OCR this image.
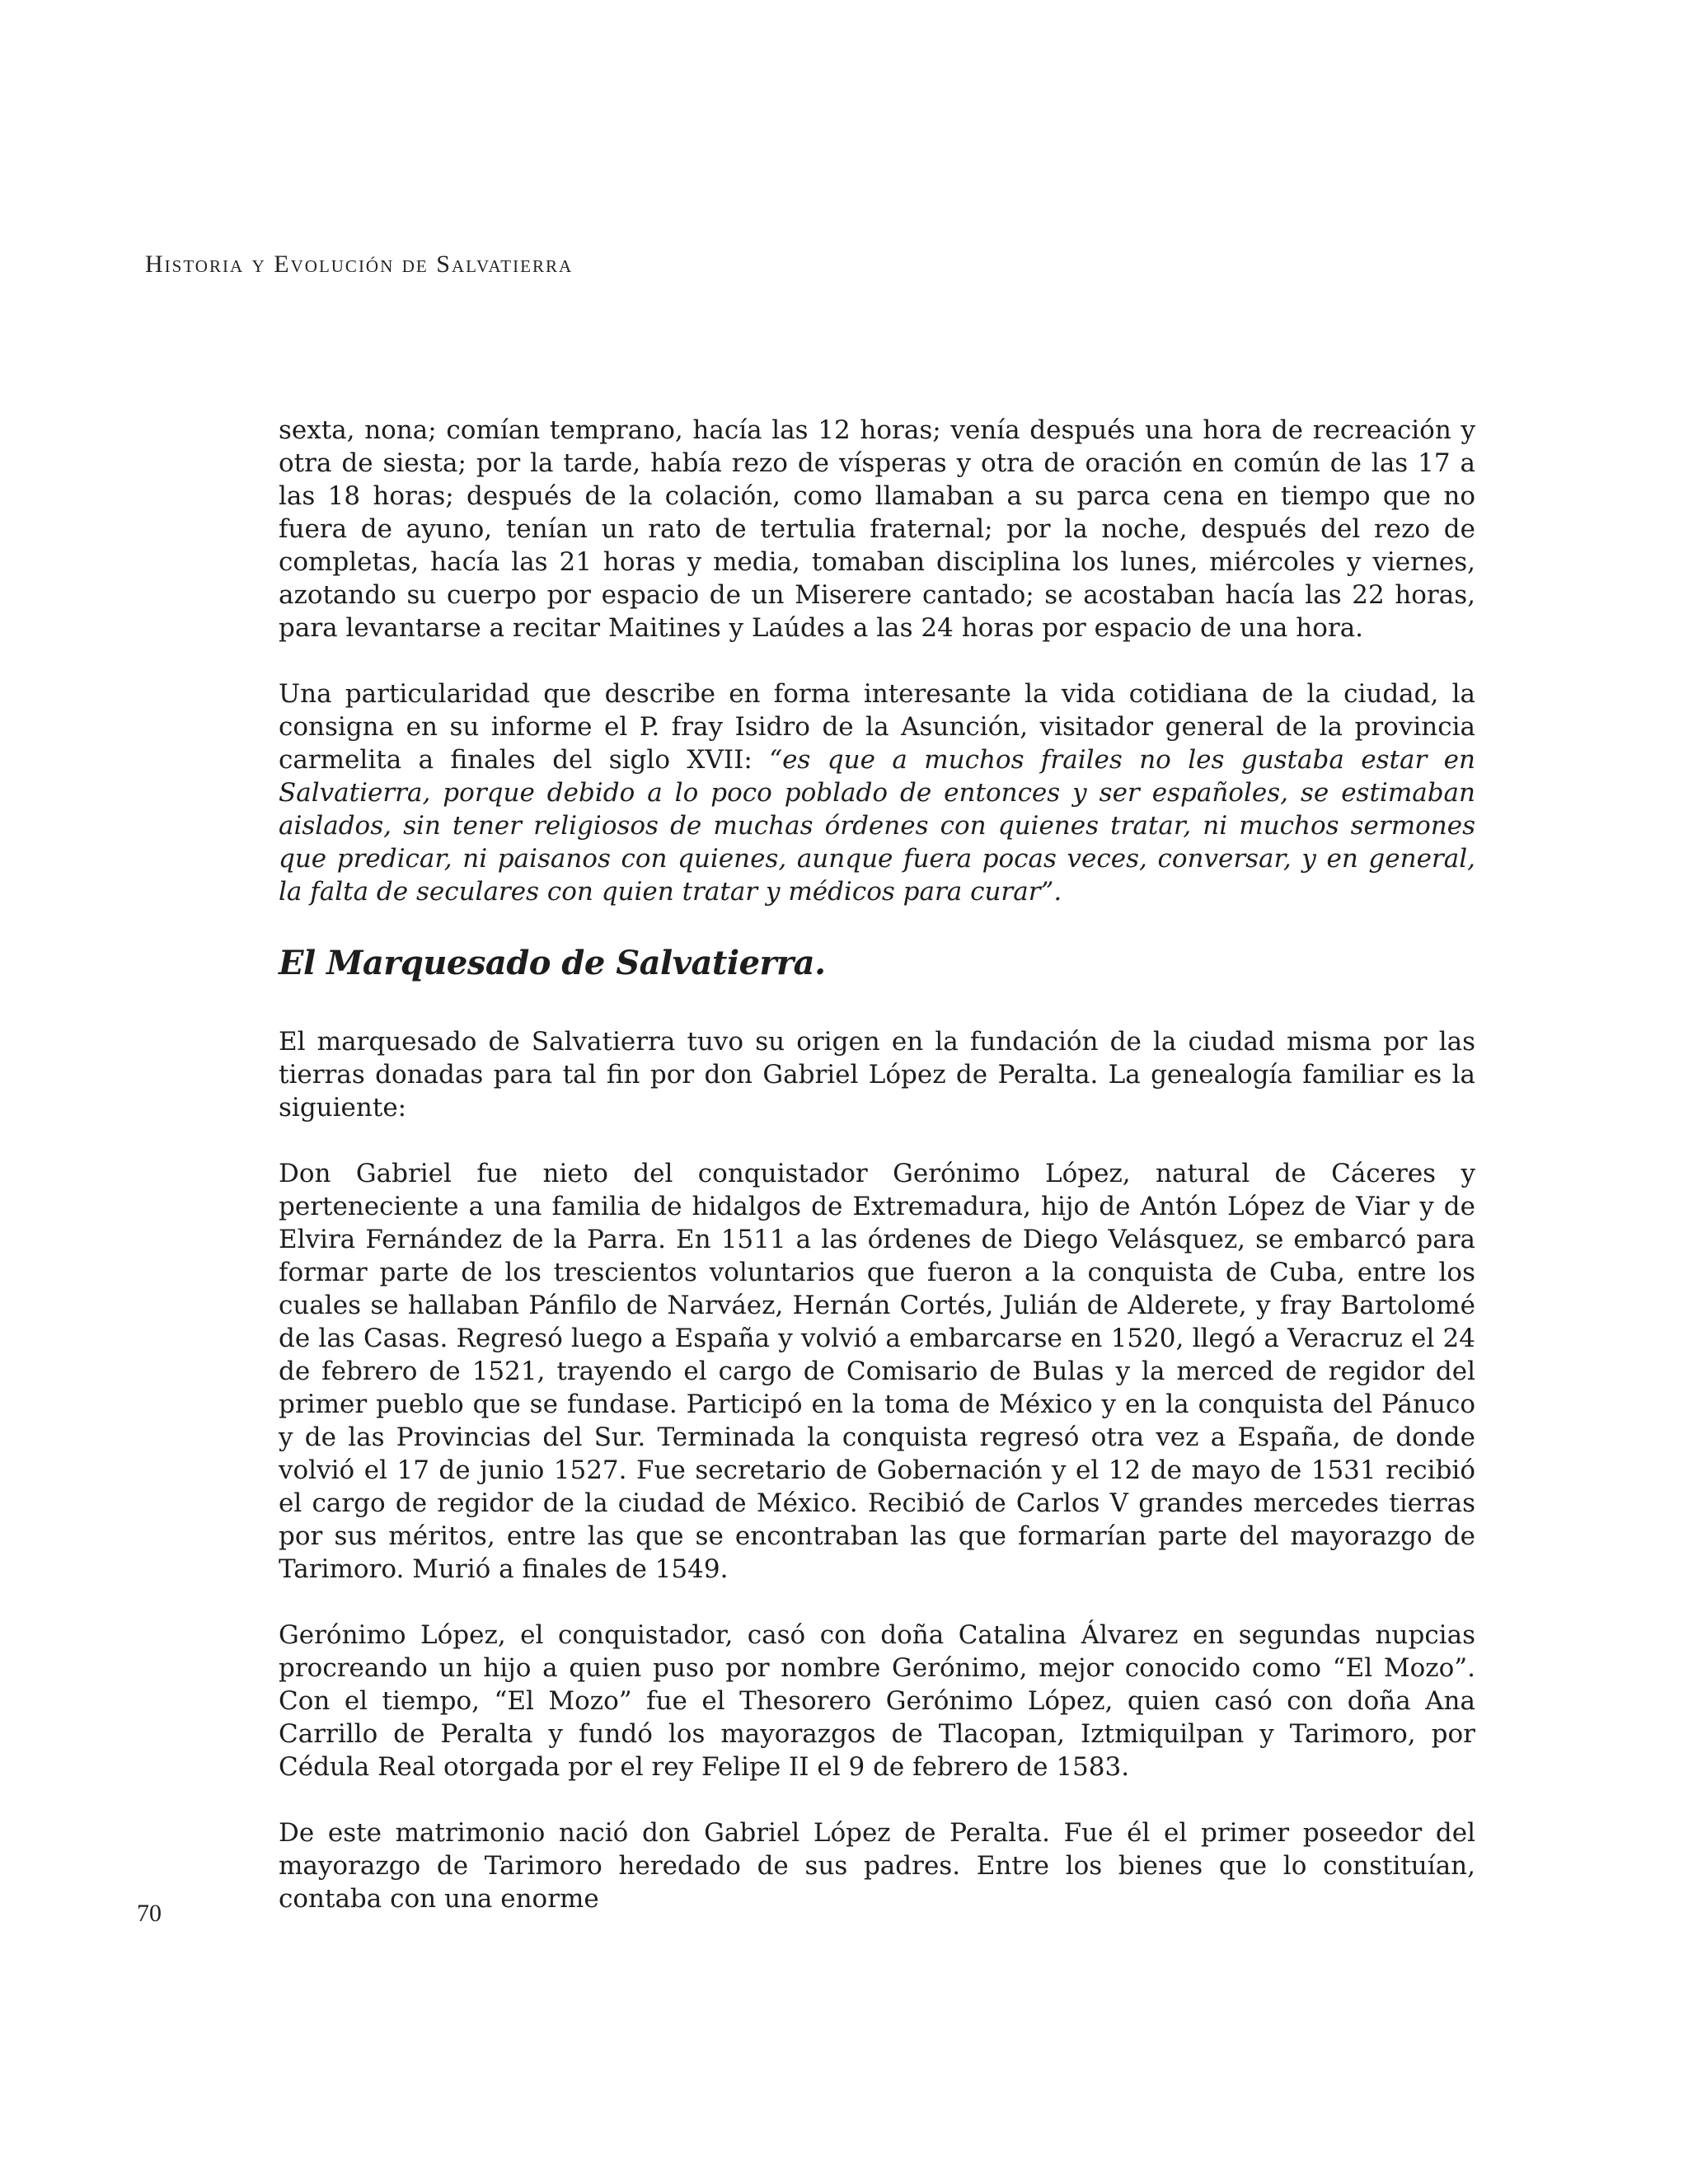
Historia y Evolución de Salvatierra

sexta, nona; comían temprano, hacía las 12 horas; venía después una hora de recreación y otra de siesta; por la tarde, había rezo de vísperas y otra de oración en común de las 17 a las 18 horas; después de la colación, como llamaban a su parca cena en tiempo que no fuera de ayuno, tenían un rato de tertulia fraternal; por la noche, después del rezo de completas, hacía las 21 horas y media, tomaban disciplina los lunes, miércoles y viernes, azotando su cuerpo por espacio de un Miserere cantado; se acostaban hacía las 22 horas, para levantarse a recitar Maitines y Laúdes a las 24 horas por espacio de una hora.

Una particularidad que describe en forma interesante la vida cotidiana de la ciudad, la consigna en su informe el P. fray Isidro de la Asunción, visitador general de la provincia carmelita a finales del siglo XVII: “es que a muchos frailes no les gustaba estar en Salvatierra, porque debido a lo poco poblado de entonces y ser españoles, se estimaban aislados, sin tener religiosos de muchas órdenes con quienes tratar, ni muchos sermones que predicar, ni paisanos con quienes, aunque fuera pocas veces, conversar, y en general, la falta de seculares con quien tratar y médicos para curar”.

El Marquesado de Salvatierra.

El marquesado de Salvatierra tuvo su origen en la fundación de la ciudad misma por las tierras donadas para tal fin por don Gabriel López de Peralta. La genealogía familiar es la siguiente:

Don Gabriel fue nieto del conquistador Gerónimo López, natural de Cáceres y perteneciente a una familia de hidalgos de Extremadura, hijo de Antón López de Viar y de Elvira Fernández de la Parra. En 1511 a las órdenes de Diego Velásquez, se embarcó para formar parte de los trescientos voluntarios que fueron a la conquista de Cuba, entre los cuales se hallaban Pánfilo de Narváez, Hernán Cortés, Julián de Alderete, y fray Bartolomé de las Casas. Regresó luego a España y volvió a embarcarse en 1520, llegó a Veracruz el 24 de febrero de 1521, trayendo el cargo de Comisario de Bulas y la merced de regidor del primer pueblo que se fundase. Participó en la toma de México y en la conquista del Pánuco y de las Provincias del Sur. Terminada la conquista regresó otra vez a España, de donde volvió el 17 de junio 1527. Fue secretario de Gobernación y el 12 de mayo de 1531 recibió el cargo de regidor de la ciudad de México. Recibió de Carlos V grandes mercedes tierras por sus méritos, entre las que se encontraban las que formarían parte del mayorazgo de Tarimoro. Murió a finales de 1549.

Gerónimo López, el conquistador, casó con doña Catalina Álvarez en segundas nupcias procreando un hijo a quien puso por nombre Gerónimo, mejor conocido como “El Mozo”. Con el tiempo, “El Mozo” fue el Thesorero Gerónimo López, quien casó con doña Ana Carrillo de Peralta y fundó los mayorazgos de Tlacopan, Iztmiquilpan y Tarimoro, por Cédula Real otorgada por el rey Felipe II el 9 de febrero de 1583.

De este matrimonio nació don Gabriel López de Peralta. Fue él el primer poseedor del mayorazgo de Tarimoro heredado de sus padres. Entre los bienes que lo constituían, contaba con una enorme

70
